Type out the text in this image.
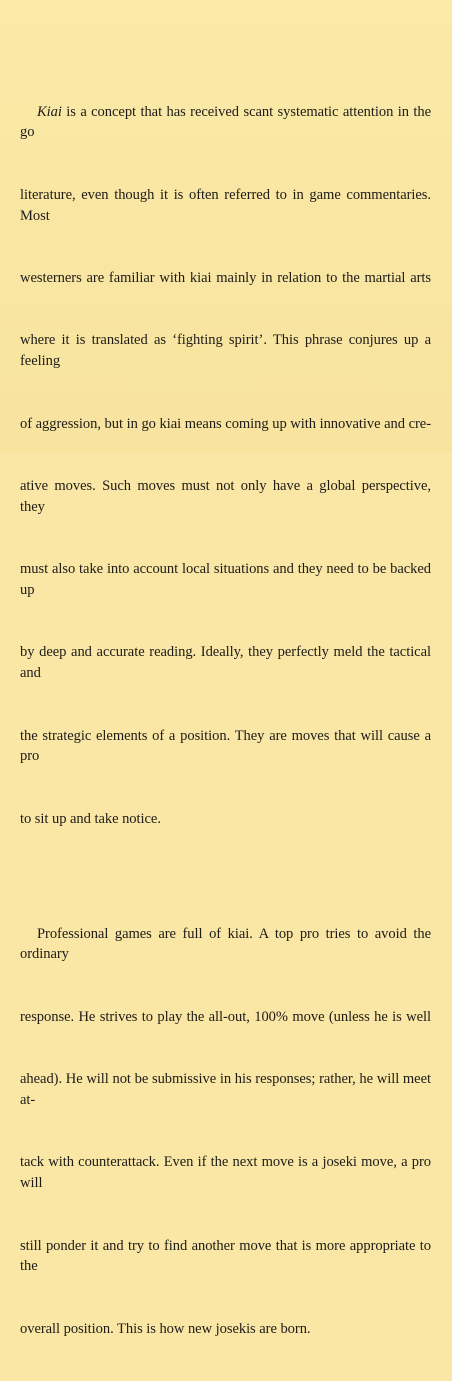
Kiai is a concept that has received scant systematic attention in the go

literature, even though it is often referred to in game commentaries. Most

westerners are familiar with kiai mainly in relation to the martial arts

where it is translated as ‘fighting spirit’. This phrase conjures up a feeling

of aggression, but in go kiai means coming up with innovative and cre-

ative moves. Such moves must not only have a global perspective, they

must also take into account local situations and they need to be backed up

by deep and accurate reading. Ideally, they perfectly meld the tactical and

the strategic elements of a position. They are moves that will cause a pro

to sit up and take notice.

Professional games are full of kiai. A top pro tries to avoid the ordinary

response. He strives to play the all-out, 100% move (unless he is well

ahead). He will not be submissive in his responses; rather, he will meet at-

tack with counterattack. Even if the next move is a joseki move, a pro will

still ponder it and try to find another move that is more appropriate to the

overall position. This is how new josekis are born.
